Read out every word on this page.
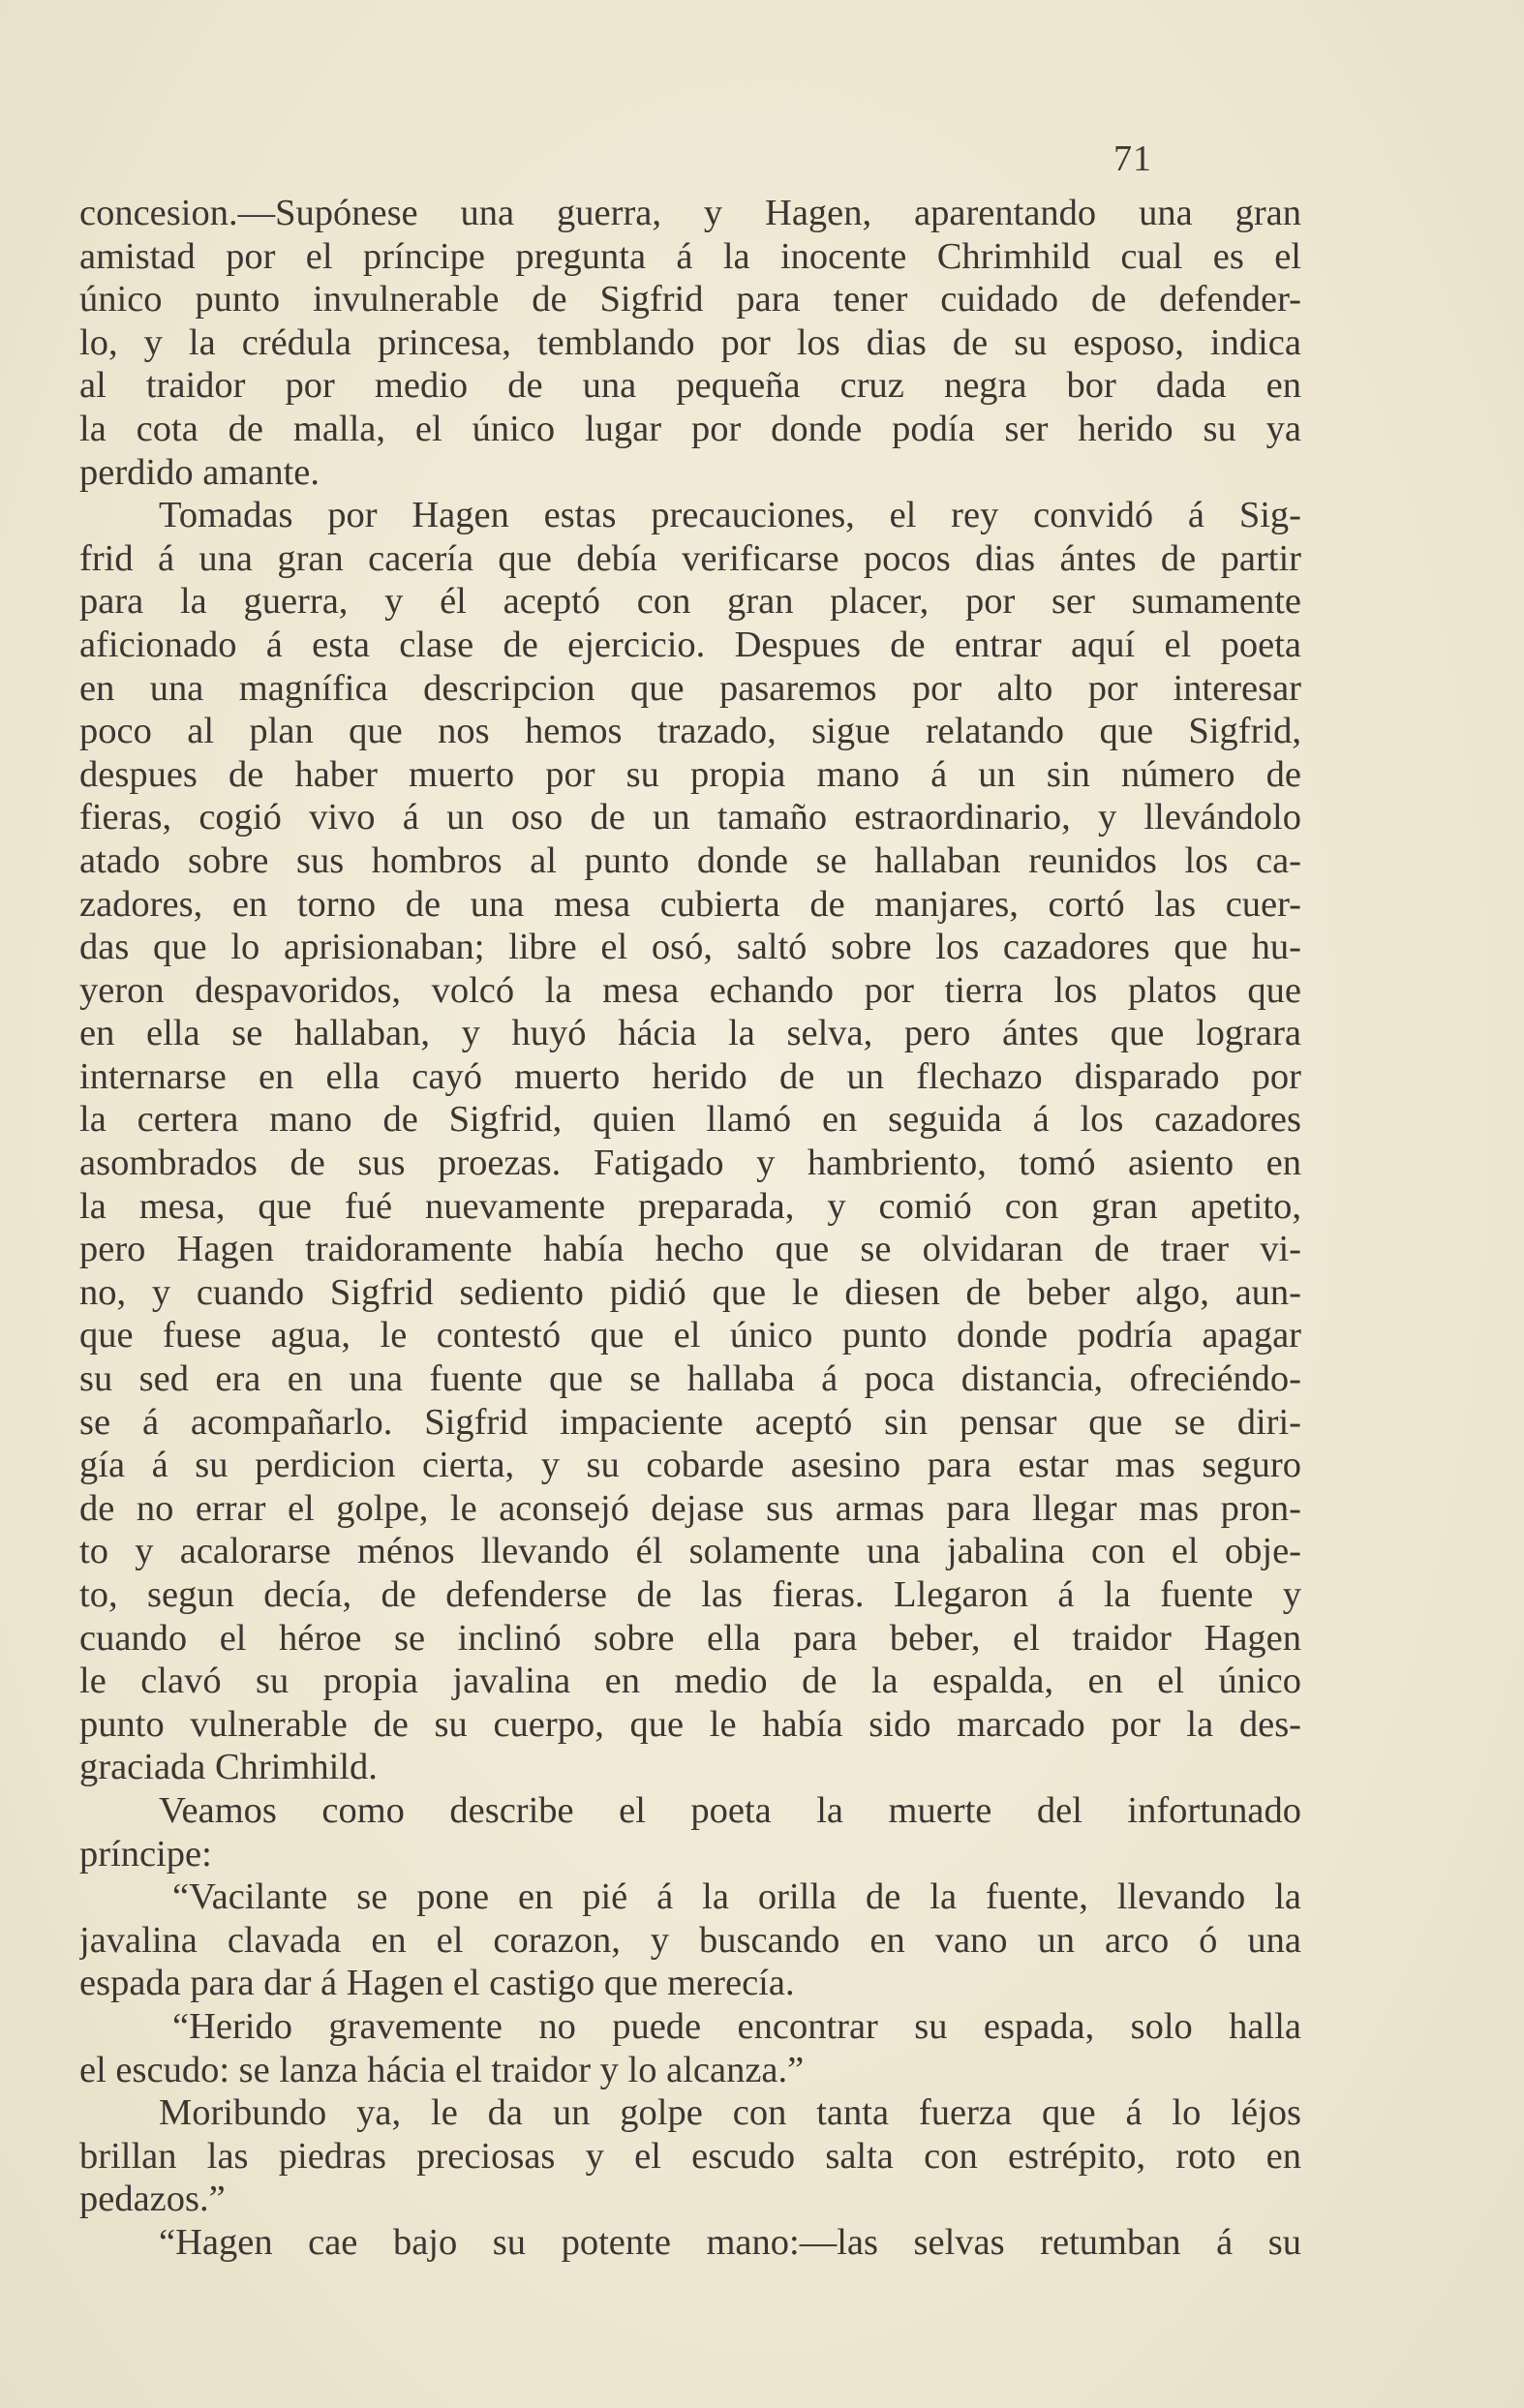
71

concesion.—Supónese una guerra, y Hagen, aparentando una gran

amistad por el príncipe pregunta á la inocente Chrimhild cual es el

único punto invulnerable de Sigfrid para tener cuidado de defender-

lo, y la crédula princesa, temblando por los dias de su esposo, indica

al traidor por medio de una pequeña cruz negra bor dada en

la cota de malla, el único lugar por donde podía ser herido su ya

perdido amante.

Tomadas por Hagen estas precauciones, el rey convidó á Sig-

frid á una gran cacería que debía verificarse pocos dias ántes de partir

para la guerra, y él aceptó con gran placer, por ser sumamente

aficionado á esta clase de ejercicio. Despues de entrar aquí el poeta

en una magnífica descripcion que pasaremos por alto por interesar

poco al plan que nos hemos trazado, sigue relatando que Sigfrid,

despues de haber muerto por su propia mano á un sin número de

fieras, cogió vivo á un oso de un tamaño estraordinario, y llevándolo

atado sobre sus hombros al punto donde se hallaban reunidos los ca-

zadores, en torno de una mesa cubierta de manjares, cortó las cuer-

das que lo aprisionaban; libre el osó, saltó sobre los cazadores que hu-

yeron despavoridos, volcó la mesa echando por tierra los platos que

en ella se hallaban, y huyó hácia la selva, pero ántes que lograra

internarse en ella cayó muerto herido de un flechazo disparado por

la certera mano de Sigfrid, quien llamó en seguida á los cazadores

asombrados de sus proezas. Fatigado y hambriento, tomó asiento en

la mesa, que fué nuevamente preparada, y comió con gran apetito,

pero Hagen traidoramente había hecho que se olvidaran de traer vi-

no, y cuando Sigfrid sediento pidió que le diesen de beber algo, aun-

que fuese agua, le contestó que el único punto donde podría apagar

su sed era en una fuente que se hallaba á poca distancia, ofreciéndo-

se á acompañarlo. Sigfrid impaciente aceptó sin pensar que se diri-

gía á su perdicion cierta, y su cobarde asesino para estar mas seguro

de no errar el golpe, le aconsejó dejase sus armas para llegar mas pron-

to y acalorarse ménos llevando él solamente una jabalina con el obje-

to, segun decía, de defenderse de las fieras. Llegaron á la fuente y

cuando el héroe se inclinó sobre ella para beber, el traidor Hagen

le clavó su propia javalina en medio de la espalda, en el único

punto vulnerable de su cuerpo, que le había sido marcado por la des-

graciada Chrimhild.

Veamos como describe el poeta la muerte del infortunado

príncipe:

“Vacilante se pone en pié á la orilla de la fuente, llevando la

javalina clavada en el corazon, y buscando en vano un arco ó una

espada para dar á Hagen el castigo que merecía.

“Herido gravemente no puede encontrar su espada, solo halla

el escudo: se lanza hácia el traidor y lo alcanza.”

Moribundo ya, le da un golpe con tanta fuerza que á lo léjos

brillan las piedras preciosas y el escudo salta con estrépito, roto en

pedazos.”

“Hagen cae bajo su potente mano:—las selvas retumban á su
